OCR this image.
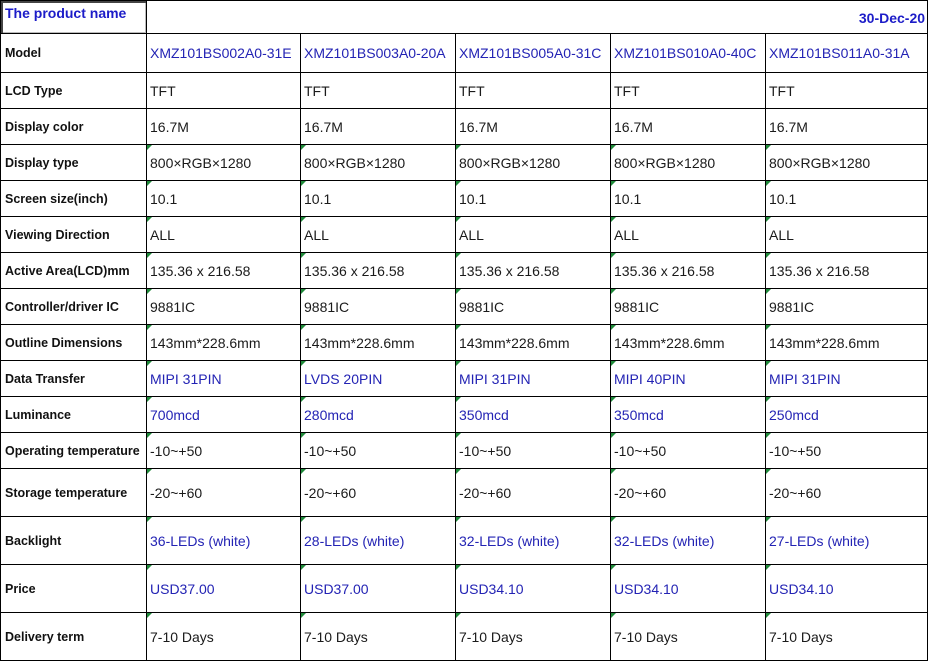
The product name	30-Dec-20				
Model	XMZ101BS002A0-31E	XMZ101BS003A0-20A	XMZ101BS005A0-31C	XMZ101BS010A0-40C	XMZ101BS011A0-31A
LCD Type	TFT	TFT	TFT	TFT	TFT
Display color	16.7M	16.7M	16.7M	16.7M	16.7M
Display type	800×RGB×1280	800×RGB×1280	800×RGB×1280	800×RGB×1280	800×RGB×1280
Screen size(inch)	10.1	10.1	10.1	10.1	10.1
Viewing Direction	ALL	ALL	ALL	ALL	ALL
Active Area(LCD)mm	135.36 x 216.58	135.36 x 216.58	135.36 x 216.58	135.36 x 216.58	135.36 x 216.58
Controller/driver IC	9881IC	9881IC	9881IC	9881IC	9881IC
Outline Dimensions	143mm*228.6mm	143mm*228.6mm	143mm*228.6mm	143mm*228.6mm	143mm*228.6mm
Data Transfer	MIPI 31PIN	LVDS 20PIN	MIPI 31PIN	MIPI 40PIN	MIPI 31PIN
Luminance	700mcd	280mcd	350mcd	350mcd	250mcd
Operating temperature	-10~+50	-10~+50	-10~+50	-10~+50	-10~+50
Storage temperature	-20~+60	-20~+60	-20~+60	-20~+60	-20~+60
Backlight	36-LEDs (white)	28-LEDs (white)	32-LEDs (white)	32-LEDs (white)	27-LEDs (white)
Price	USD37.00	USD37.00	USD34.10	USD34.10	USD34.10
Delivery term	7-10 Days	7-10 Days	7-10 Days	7-10 Days	7-10 Days
